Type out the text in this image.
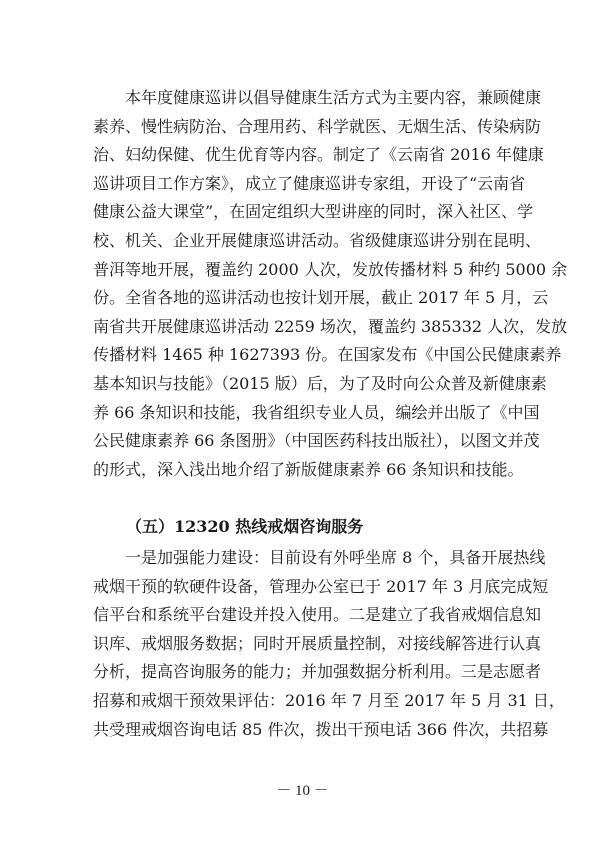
　　本年度健康巡讲以倡导健康生活方式为主要内容，兼顾健康
素养、慢性病防治、合理用药、科学就医、无烟生活、传染病防
治、妇幼保健、优生优育等内容。制定了《云南省 2016 年健康
巡讲项目工作方案》，成立了健康巡讲专家组，开设了“云南省
健康公益大课堂”，在固定组织大型讲座的同时，深入社区、学
校、机关、企业开展健康巡讲活动。省级健康巡讲分别在昆明、
普洱等地开展，覆盖约 2000 人次，发放传播材料 5 种约 5000 余
份。全省各地的巡讲活动也按计划开展，截止 2017 年 5 月，云
南省共开展健康巡讲活动 2259 场次，覆盖约 385332 人次，发放
传播材料 1465 种 1627393 份。在国家发布《中国公民健康素养
基本知识与技能》（2015 版）后，为了及时向公众普及新健康素
养 66 条知识和技能，我省组织专业人员，编绘并出版了《中国
公民健康素养 66 条图册》（中国医药科技出版社），以图文并茂
的形式，深入浅出地介绍了新版健康素养 66 条知识和技能。
（五）12320 热线戒烟咨询服务
　　一是加强能力建设：目前设有外呼坐席 8 个，具备开展热线
戒烟干预的软硬件设备，管理办公室已于 2017 年 3 月底完成短
信平台和系统平台建设并投入使用。二是建立了我省戒烟信息知
识库、戒烟服务数据；同时开展质量控制，对接线解答进行认真
分析，提高咨询服务的能力；并加强数据分析利用。三是志愿者
招募和戒烟干预效果评估：2016 年 7 月至 2017 年 5 月 31 日，
共受理戒烟咨询电话 85 件次，拨出干预电话 366 件次，共招募
－ 10 －
